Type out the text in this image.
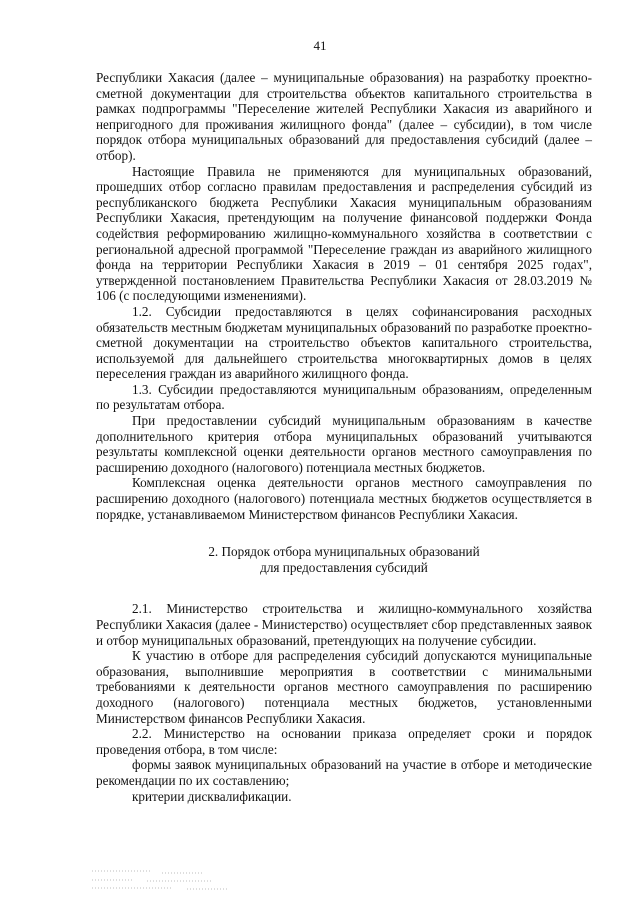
41

Республики Хакасия (далее – муниципальные образования) на разработку проектно-сметной документации для строительства объектов капитального строительства в рамках подпрограммы "Переселение жителей Республики Хакасия из аварийного и непригодного для проживания жилищного фонда" (далее – субсидии), в том числе порядок отбора муниципальных образований для предоставления субсидий (далее – отбор).

Настоящие Правила не применяются для муниципальных образований, прошедших отбор согласно правилам предоставления и распределения субсидий из республиканского бюджета Республики Хакасия муниципальным образованиям Республики Хакасия, претендующим на получение финансовой поддержки Фонда содействия реформированию жилищно-коммунального хозяйства в соответствии с региональной адресной программой "Переселение граждан из аварийного жилищного фонда на территории Республики Хакасия в 2019 – 01 сентября 2025 годах", утвержденной постановлением Правительства Республики Хакасия от 28.03.2019 № 106 (с последующими изменениями).

1.2. Субсидии предоставляются в целях софинансирования расходных обязательств местным бюджетам муниципальных образований по разработке проектно-сметной документации на строительство объектов капитального строительства, используемой для дальнейшего строительства многоквартирных домов в целях переселения граждан из аварийного жилищного фонда.

1.3. Субсидии предоставляются муниципальным образованиям, определенным по результатам отбора.

При предоставлении субсидий муниципальным образованиям в качестве дополнительного критерия отбора муниципальных образований учитываются результаты комплексной оценки деятельности органов местного самоуправления по расширению доходного (налогового) потенциала местных бюджетов.

Комплексная оценка деятельности органов местного самоуправления по расширению доходного (налогового) потенциала местных бюджетов осуществляется в порядке, устанавливаемом Министерством финансов Республики Хакасия.

2. Порядок отбора муниципальных образований
для предоставления субсидий

2.1. Министерство строительства и жилищно-коммунального хозяйства Республики Хакасия (далее - Министерство) осуществляет сбор представленных заявок и отбор муниципальных образований, претендующих на получение субсидии.

К участию в отборе для распределения субсидий допускаются муниципальные образования, выполнившие мероприятия в соответствии с минимальными требованиями к деятельности органов местного самоуправления по расширению доходного (налогового) потенциала местных бюджетов, установленными Министерством финансов Республики Хакасия.

2.2. Министерство на основании приказа определяет сроки и порядок проведения отбора, в том числе:

формы заявок муниципальных образований на участие в отборе и методические рекомендации по их составлению;

критерии дисквалификации.
